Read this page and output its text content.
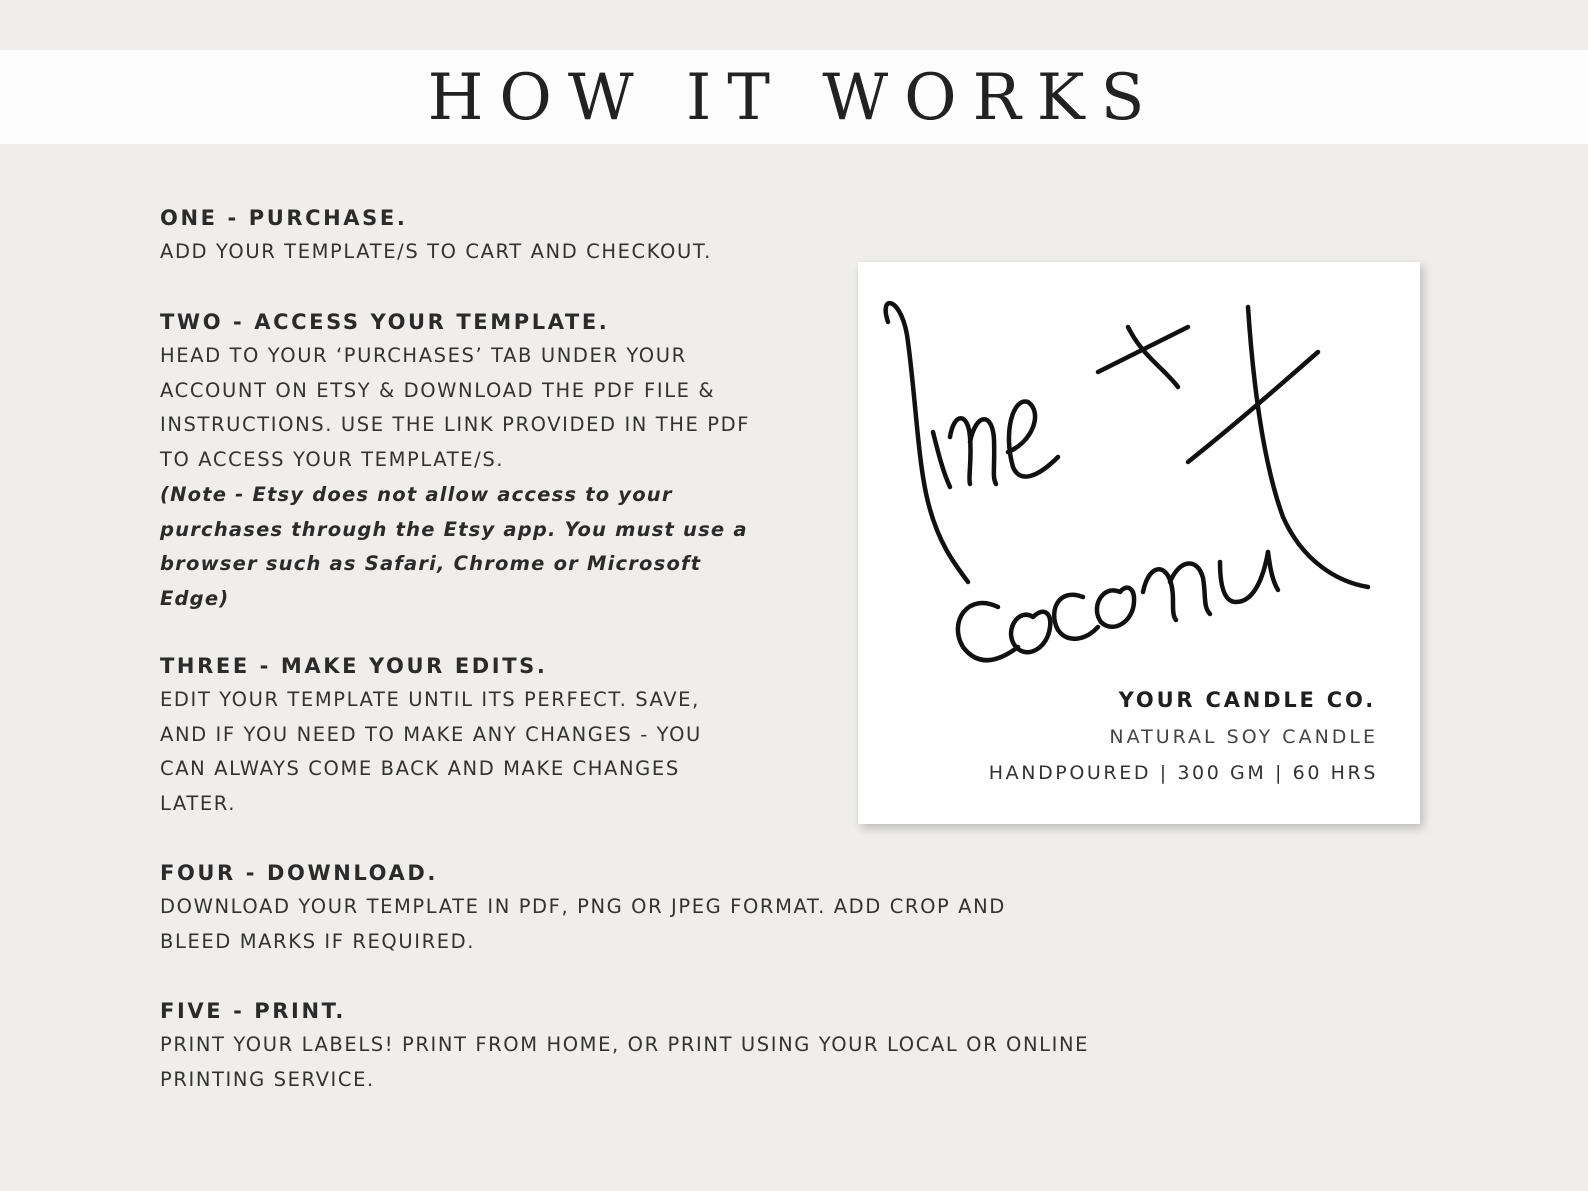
HOW IT WORKS
ONE - PURCHASE.
ADD YOUR TEMPLATE/S TO CART AND CHECKOUT.
TWO - ACCESS YOUR TEMPLATE.
HEAD TO YOUR ‘PURCHASES’ TAB UNDER YOUR
ACCOUNT ON ETSY & DOWNLOAD THE PDF FILE &
INSTRUCTIONS. USE THE LINK PROVIDED IN THE PDF
TO ACCESS YOUR TEMPLATE/S.
(Note - Etsy does not allow access to your
purchases through the Etsy app. You must use a
browser such as Safari, Chrome or Microsoft
Edge)
THREE - MAKE YOUR EDITS.
EDIT YOUR TEMPLATE UNTIL ITS PERFECT. SAVE,
AND IF YOU NEED TO MAKE ANY CHANGES - YOU
CAN ALWAYS COME BACK AND MAKE CHANGES
LATER.
FOUR - DOWNLOAD.
DOWNLOAD YOUR TEMPLATE IN PDF, PNG OR JPEG FORMAT. ADD CROP AND
BLEED MARKS IF REQUIRED.
FIVE - PRINT.
PRINT YOUR LABELS! PRINT FROM HOME, OR PRINT USING YOUR LOCAL OR ONLINE
PRINTING SERVICE.
YOUR CANDLE CO.
NATURAL SOY CANDLE
HANDPOURED | 300 GM | 60 HRS
